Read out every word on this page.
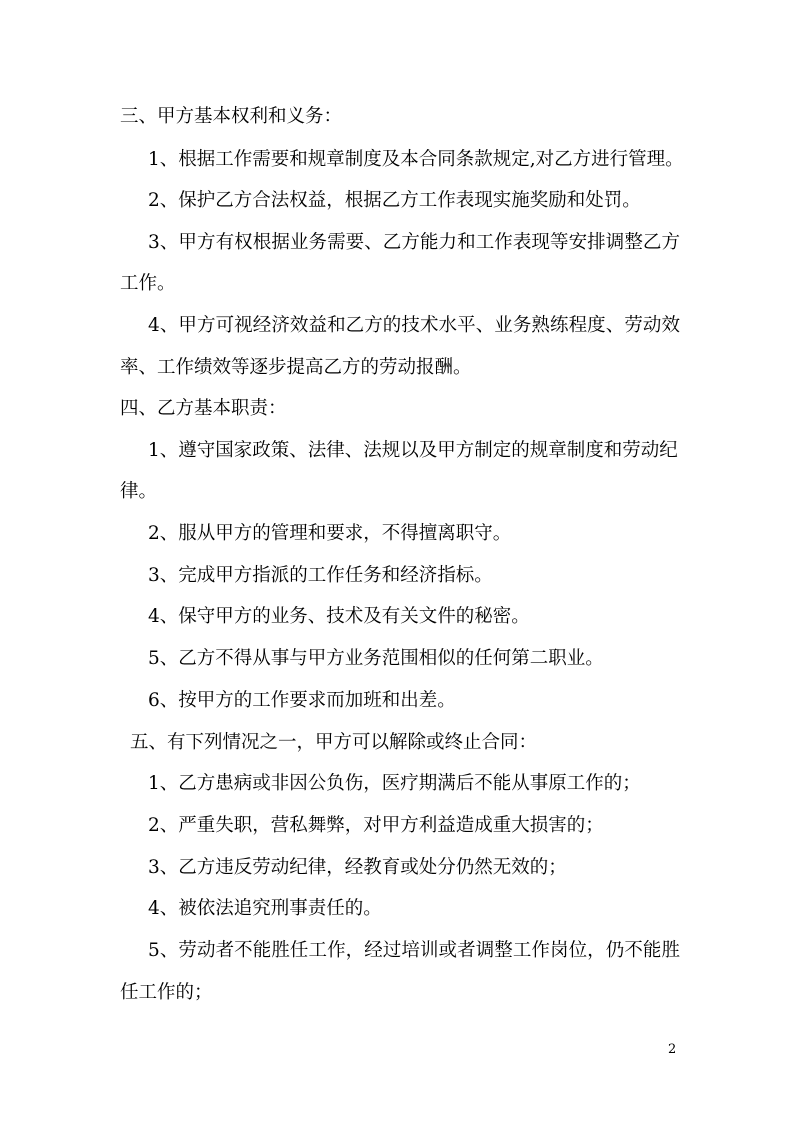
三、甲方基本权利和义务：
1、根据工作需要和规章制度及本合同条款规定,对乙方进行管理。
2、保护乙方合法权益，根据乙方工作表现实施奖励和处罚。
3、甲方有权根据业务需要、乙方能力和工作表现等安排调整乙方
工作。
4、甲方可视经济效益和乙方的技术水平、业务熟练程度、劳动效
率、工作绩效等逐步提高乙方的劳动报酬。
四、乙方基本职责：
1、遵守国家政策、法律、法规以及甲方制定的规章制度和劳动纪
律。
2、服从甲方的管理和要求，不得擅离职守。
3、完成甲方指派的工作任务和经济指标。
4、保守甲方的业务、技术及有关文件的秘密。
5、乙方不得从事与甲方业务范围相似的任何第二职业。
6、按甲方的工作要求而加班和出差。
五、有下列情况之一，甲方可以解除或终止合同：
1、乙方患病或非因公负伤，医疗期满后不能从事原工作的；
2、严重失职，营私舞弊，对甲方利益造成重大损害的；
3、乙方违反劳动纪律，经教育或处分仍然无效的；
4、被依法追究刑事责任的。
5、劳动者不能胜任工作，经过培训或者调整工作岗位，仍不能胜
任工作的；
2
